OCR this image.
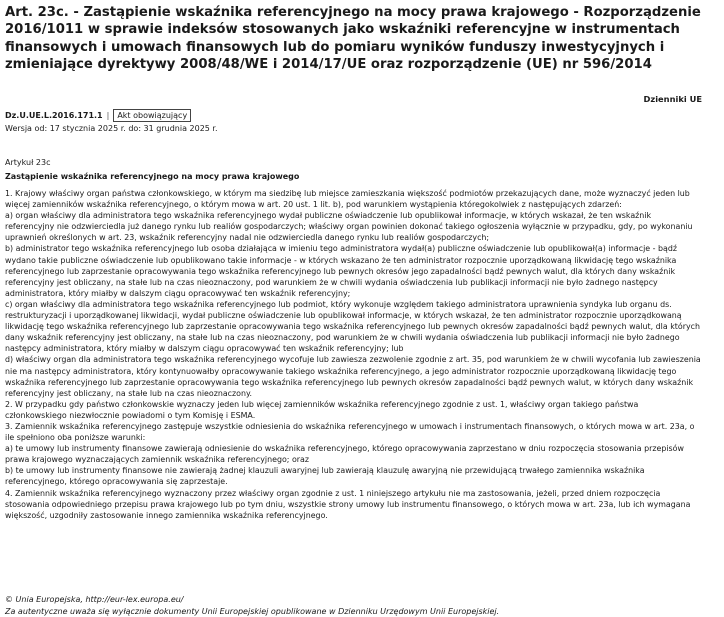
Art. 23c. - Zastąpienie wskaźnika referencyjnego na mocy prawa krajowego - Rozporządzenie 2016/1011 w sprawie indeksów stosowanych jako wskaźniki referencyjne w instrumentach finansowych i umowach finansowych lub do pomiaru wyników funduszy inwestycyjnych i zmieniające dyrektywy 2008/48/WE i 2014/17/UE oraz rozporządzenie (UE) nr 596/2014
Dzienniki UE
Dz.U.UE.L.2016.171.1 |	Akt obowiązujący
Wersja od: 17 stycznia 2025 r. do: 31 grudnia 2025 r.
Artykuł 23c
Zastąpienie wskaźnika referencyjnego na mocy prawa krajowego

1. Krajowy właściwy organ państwa członkowskiego, w którym ma siedzibę lub miejsce zamieszkania większość podmiotów przekazujących dane, może wyznaczyć jeden lub więcej zamienników wskaźnika referencyjnego, o którym mowa w art. 20 ust. 1 lit. b), pod warunkiem wystąpienia któregokolwiek z następujących zdarzeń:

a) organ właściwy dla administratora tego wskaźnika referencyjnego wydał publiczne oświadczenie lub opublikował informacje, w których wskazał, że ten wskaźnik referencyjny nie odzwierciedla już danego rynku lub realiów gospodarczych; właściwy organ powinien dokonać takiego ogłoszenia wyłącznie w przypadku, gdy, po wykonaniu uprawnień określonych w art. 23, wskaźnik referencyjny nadal nie odzwierciedla danego rynku lub realiów gospodarczych;

b) administrator tego wskaźnika referencyjnego lub osoba działająca w imieniu tego administratora wydał(a) publiczne oświadczenie lub opublikował(a) informacje - bądź wydano takie publiczne oświadczenie lub opublikowano takie informacje - w których wskazano że ten administrator rozpocznie uporządkowaną likwidację tego wskaźnika referencyjnego lub zaprzestanie opracowywania tego wskaźnika referencyjnego lub pewnych okresów jego zapadalności bądź pewnych walut, dla których dany wskaźnik referencyjny jest obliczany, na stałe lub na czas nieoznaczony, pod warunkiem że w chwili wydania oświadczenia lub publikacji informacji nie było żadnego następcy administratora, który miałby w dalszym ciągu opracowywać ten wskaźnik referencyjny;

c) organ właściwy dla administratora tego wskaźnika referencyjnego lub podmiot, który wykonuje względem takiego administratora uprawnienia syndyka lub organu ds. restrukturyzacji i uporządkowanej likwidacji, wydał publiczne oświadczenie lub opublikował informacje, w których wskazał, że ten administrator rozpocznie uporządkowaną likwidację tego wskaźnika referencyjnego lub zaprzestanie opracowywania tego wskaźnika referencyjnego lub pewnych okresów zapadalności bądź pewnych walut, dla których dany wskaźnik referencyjny jest obliczany, na stałe lub na czas nieoznaczony, pod warunkiem że w chwili wydania oświadczenia lub publikacji informacji nie było żadnego następcy administratora, który miałby w dalszym ciągu opracowywać ten wskaźnik referencyjny; lub

d) właściwy organ dla administratora tego wskaźnika referencyjnego wycofuje lub zawiesza zezwolenie zgodnie z art. 35, pod warunkiem że w chwili wycofania lub zawieszenia nie ma następcy administratora, który kontynuowałby opracowywanie takiego wskaźnika referencyjnego, a jego administrator rozpocznie uporządkowaną likwidację tego wskaźnika referencyjnego lub zaprzestanie opracowywania tego wskaźnika referencyjnego lub pewnych okresów zapadalności bądź pewnych walut, w których dany wskaźnik referencyjny jest obliczany, na stałe lub na czas nieoznaczony.

2. W przypadku gdy państwo członkowskie wyznaczy jeden lub więcej zamienników wskaźnika referencyjnego zgodnie z ust. 1, właściwy organ takiego państwa członkowskiego niezwłocznie powiadomi o tym Komisję i ESMA.

3. Zamiennik wskaźnika referencyjnego zastępuje wszystkie odniesienia do wskaźnika referencyjnego w umowach i instrumentach finansowych, o których mowa w art. 23a, o ile spełniono oba poniższe warunki:

a) te umowy lub instrumenty finansowe zawierają odniesienie do wskaźnika referencyjnego, którego opracowywania zaprzestano w dniu rozpoczęcia stosowania przepisów prawa krajowego wyznaczających zamiennik wskaźnika referencyjnego; oraz

b) te umowy lub instrumenty finansowe nie zawierają żadnej klauzuli awaryjnej lub zawierają klauzulę awaryjną nie przewidującą trwałego zamiennika wskaźnika referencyjnego, którego opracowywania się zaprzestaje.

4. Zamiennik wskaźnika referencyjnego wyznaczony przez właściwy organ zgodnie z ust. 1 niniejszego artykułu nie ma zastosowania, jeżeli, przed dniem rozpoczęcia stosowania odpowiedniego przepisu prawa krajowego lub po tym dniu, wszystkie strony umowy lub instrumentu finansowego, o których mowa w art. 23a, lub ich wymagana większość, uzgodniły zastosowanie innego zamiennika wskaźnika referencyjnego.

© Unia Europejska, http://eur-lex.europa.eu/
Za autentyczne uważa się wyłącznie dokumenty Unii Europejskiej opublikowane w Dzienniku Urzędowym Unii Europejskiej.
